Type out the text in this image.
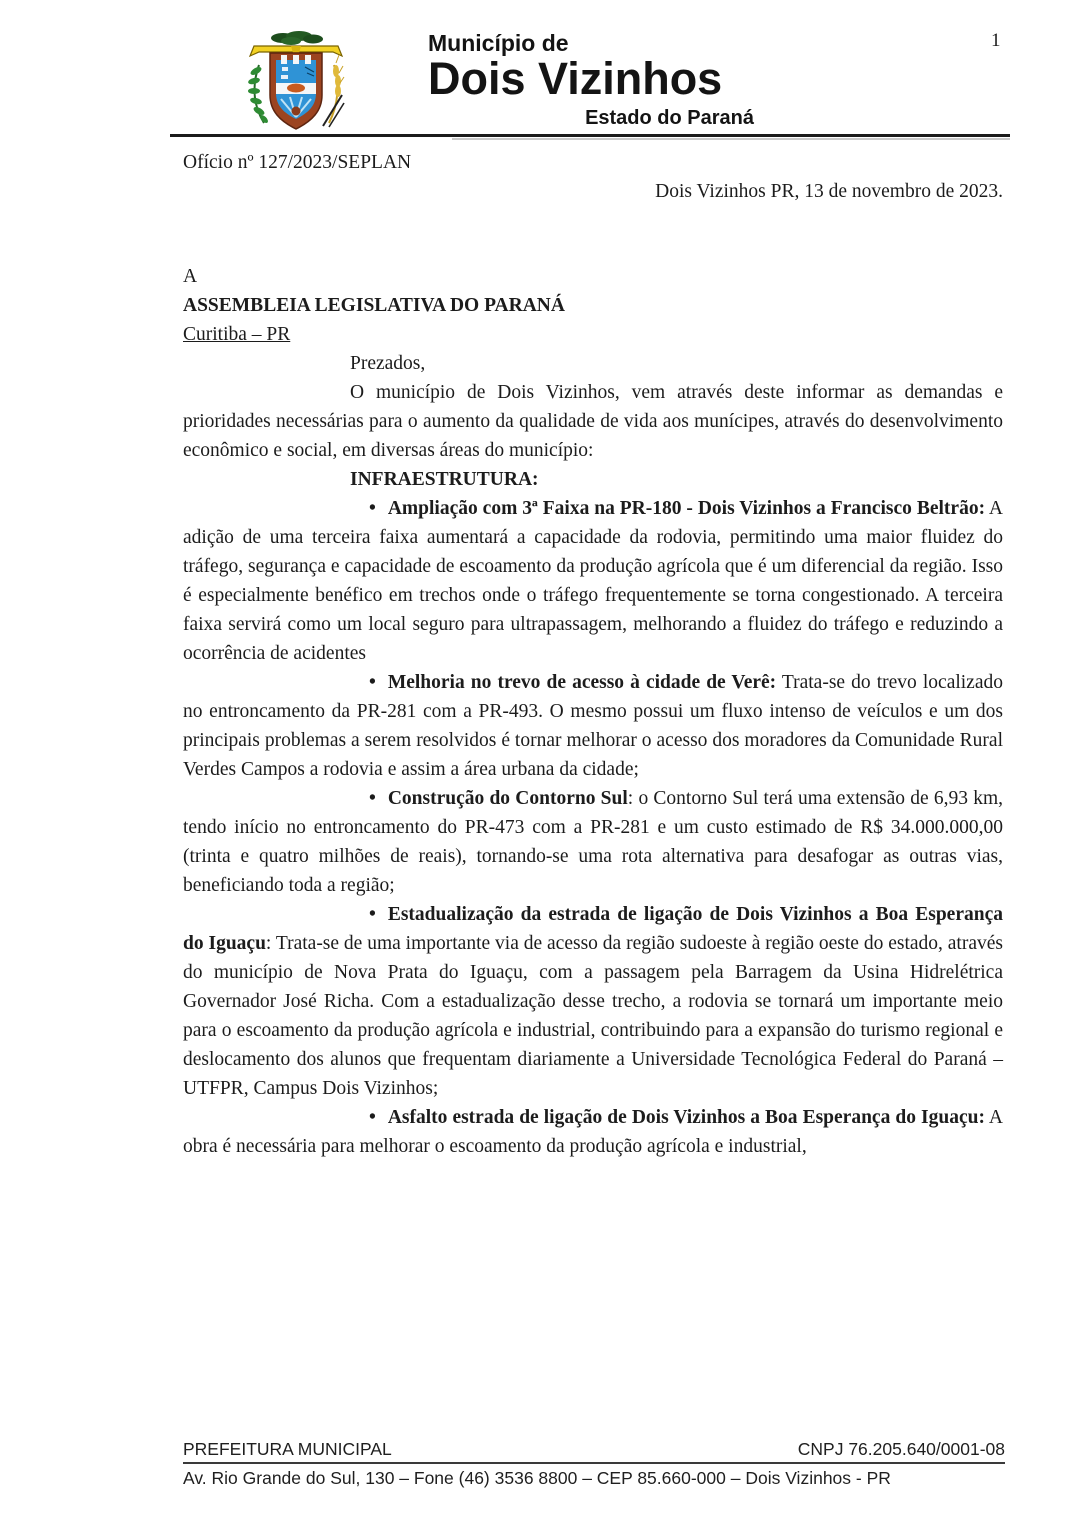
Município de
Dois Vizinhos
Estado do Paraná
1

Ofício nº 127/2023/SEPLAN

Dois Vizinhos PR, 13 de novembro de 2023.

A

ASSEMBLEIA LEGISLATIVA DO PARANÁ

Curitiba – PR

Prezados,

O município de Dois Vizinhos, vem através deste informar as demandas e prioridades necessárias para o aumento da qualidade de vida aos munícipes, através do desenvolvimento econômico e social, em diversas áreas do município:

INFRAESTRUTURA:

• Ampliação com 3ª Faixa na PR-180 - Dois Vizinhos a Francisco Beltrão: A adição de uma terceira faixa aumentará a capacidade da rodovia, permitindo uma maior fluidez do tráfego, segurança e capacidade de escoamento da produção agrícola que é um diferencial da região. Isso é especialmente benéfico em trechos onde o tráfego frequentemente se torna congestionado. A terceira faixa servirá como um local seguro para ultrapassagem, melhorando a fluidez do tráfego e reduzindo a ocorrência de acidentes

• Melhoria no trevo de acesso à cidade de Verê: Trata-se do trevo localizado no entroncamento da PR-281 com a PR-493. O mesmo possui um fluxo intenso de veículos e um dos principais problemas a serem resolvidos é tornar melhorar o acesso dos moradores da Comunidade Rural Verdes Campos a rodovia e assim a área urbana da cidade;

• Construção do Contorno Sul: o Contorno Sul terá uma extensão de 6,93 km, tendo início no entroncamento do PR-473 com a PR-281 e um custo estimado de R$ 34.000.000,00 (trinta e quatro milhões de reais), tornando-se uma rota alternativa para desafogar as outras vias, beneficiando toda a região;

• Estadualização da estrada de ligação de Dois Vizinhos a Boa Esperança do Iguaçu: Trata-se de uma importante via de acesso da região sudoeste à região oeste do estado, através do município de Nova Prata do Iguaçu, com a passagem pela Barragem da Usina Hidrelétrica Governador José Richa. Com a estadualização desse trecho, a rodovia se tornará um importante meio para o escoamento da produção agrícola e industrial, contribuindo para a expansão do turismo regional e deslocamento dos alunos que frequentam diariamente a Universidade Tecnológica Federal do Paraná – UTFPR, Campus Dois Vizinhos;

• Asfalto estrada de ligação de Dois Vizinhos a Boa Esperança do Iguaçu: A obra é necessária para melhorar o escoamento da produção agrícola e industrial,

PREFEITURA MUNICIPAL	CNPJ 76.205.640/0001-08
Av. Rio Grande do Sul, 130 – Fone (46) 3536 8800 – CEP 85.660-000 – Dois Vizinhos - PR
